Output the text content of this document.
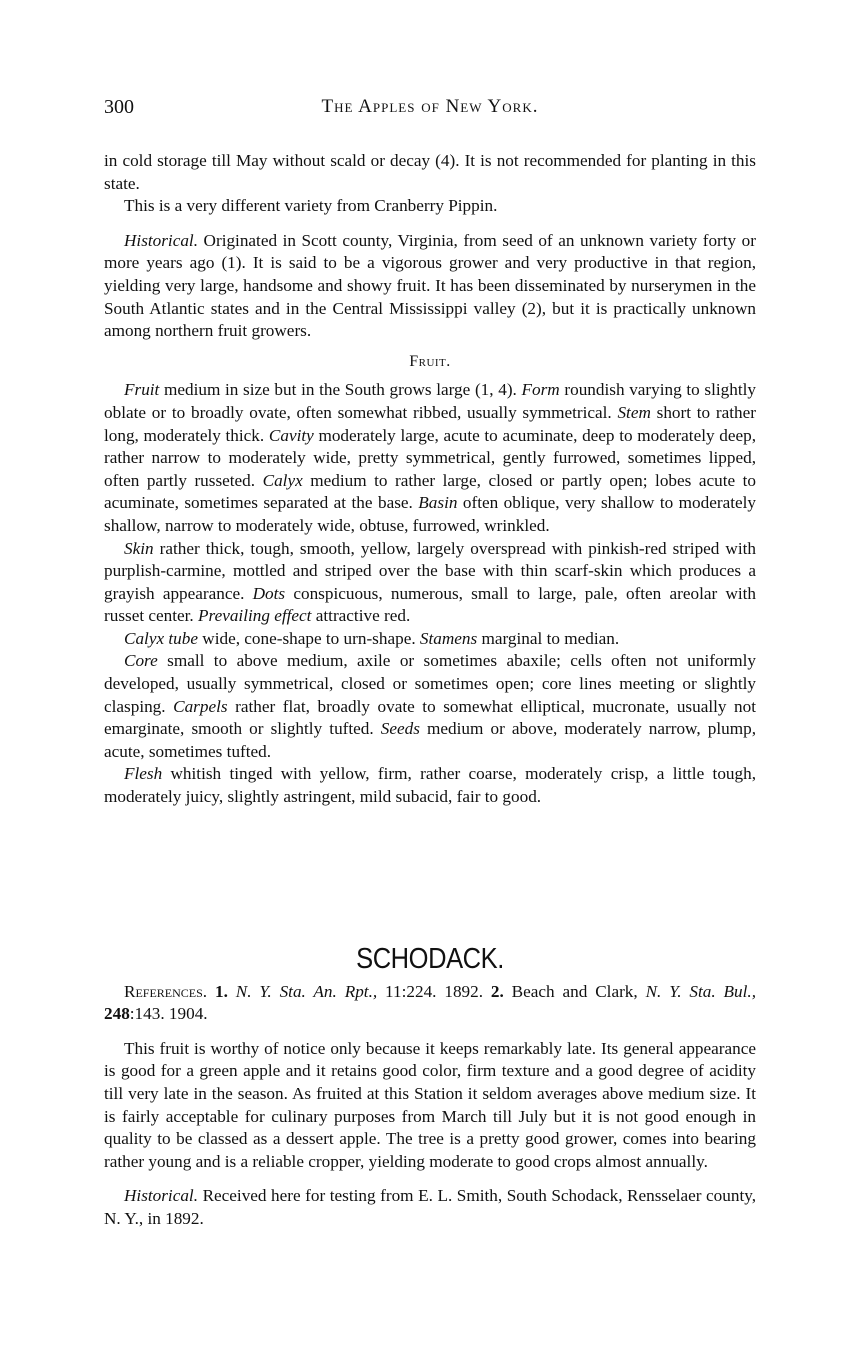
300	The Apples of New York.

in cold storage till May without scald or decay (4). It is not recommended for planting in this state.

This is a very different variety from Cranberry Pippin.

Historical. Originated in Scott county, Virginia, from seed of an unknown variety forty or more years ago (1). It is said to be a vigorous grower and very productive in that region, yielding very large, handsome and showy fruit. It has been disseminated by nurserymen in the South Atlantic states and in the Central Mississippi valley (2), but it is practically unknown among northern fruit growers.

Fruit.

Fruit medium in size but in the South grows large (1, 4). Form roundish varying to slightly oblate or to broadly ovate, often somewhat ribbed, usually symmetrical. Stem short to rather long, moderately thick. Cavity moderately large, acute to acuminate, deep to moderately deep, rather narrow to moderately wide, pretty symmetrical, gently furrowed, sometimes lipped, often partly russeted. Calyx medium to rather large, closed or partly open; lobes acute to acuminate, sometimes separated at the base. Basin often oblique, very shallow to moderately shallow, narrow to moderately wide, obtuse, furrowed, wrinkled.

Skin rather thick, tough, smooth, yellow, largely overspread with pinkish-red striped with purplish-carmine, mottled and striped over the base with thin scarf-skin which produces a grayish appearance. Dots conspicuous, numerous, small to large, pale, often areolar with russet center. Prevailing effect attractive red.

Calyx tube wide, cone-shape to urn-shape. Stamens marginal to median.

Core small to above medium, axile or sometimes abaxile; cells often not uniformly developed, usually symmetrical, closed or sometimes open; core lines meeting or slightly clasping. Carpels rather flat, broadly ovate to somewhat elliptical, mucronate, usually not emarginate, smooth or slightly tufted. Seeds medium or above, moderately narrow, plump, acute, sometimes tufted.

Flesh whitish tinged with yellow, firm, rather coarse, moderately crisp, a little tough, moderately juicy, slightly astringent, mild subacid, fair to good.

SCHODACK.

References. 1. N. Y. Sta. An. Rpt., 11:224. 1892. 2. Beach and Clark, N. Y. Sta. Bul., 248:143. 1904.

This fruit is worthy of notice only because it keeps remarkably late. Its general appearance is good for a green apple and it retains good color, firm texture and a good degree of acidity till very late in the season. As fruited at this Station it seldom averages above medium size. It is fairly acceptable for culinary purposes from March till July but it is not good enough in quality to be classed as a dessert apple. The tree is a pretty good grower, comes into bearing rather young and is a reliable cropper, yielding moderate to good crops almost annually.

Historical. Received here for testing from E. L. Smith, South Schodack, Rensselaer county, N. Y., in 1892.
